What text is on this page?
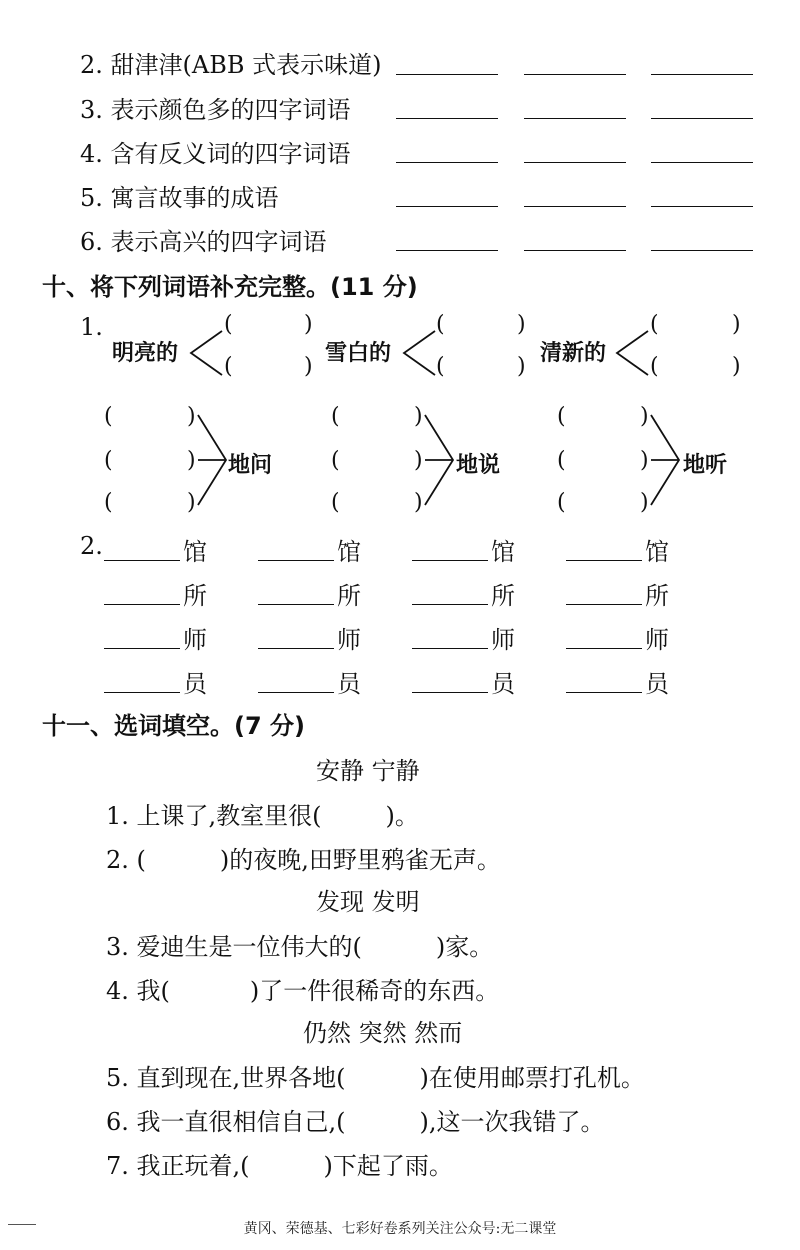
2. 甜津津(ABB 式表示味道)
3. 表示颜色多的四字词语
4. 含有反义词的四字词语
5. 寓言故事的成语
6. 表示高兴的四字词语
十、将下列词语补充完整。(11 分)
1.
明亮的
(	)
(	)
雪白的
(	)
(	)
清新的
(	)
(	)
(	)
(	)
(	)
地问
(	)
(	)
(	)
地说
(	)
(	)
(	)
地听
2.	馆	馆	馆	馆
所	所	所	所
师	师	师	师
员	员	员	员
十一、选词填空。(7 分)
安静 宁静
1. 上课了,教室里很(	)。
2. (	)的夜晚,田野里鸦雀无声。
发现 发明
3. 爱迪生是一位伟大的(	)家。
4. 我(	)了一件很稀奇的东西。
仍然 突然 然而
5. 直到现在,世界各地(	)在使用邮票打孔机。
6. 我一直很相信自己,(	),这一次我错了。
7. 我正玩着,(	)下起了雨。
黄冈、荣德基、七彩好卷系列关注公众号:无二课堂
